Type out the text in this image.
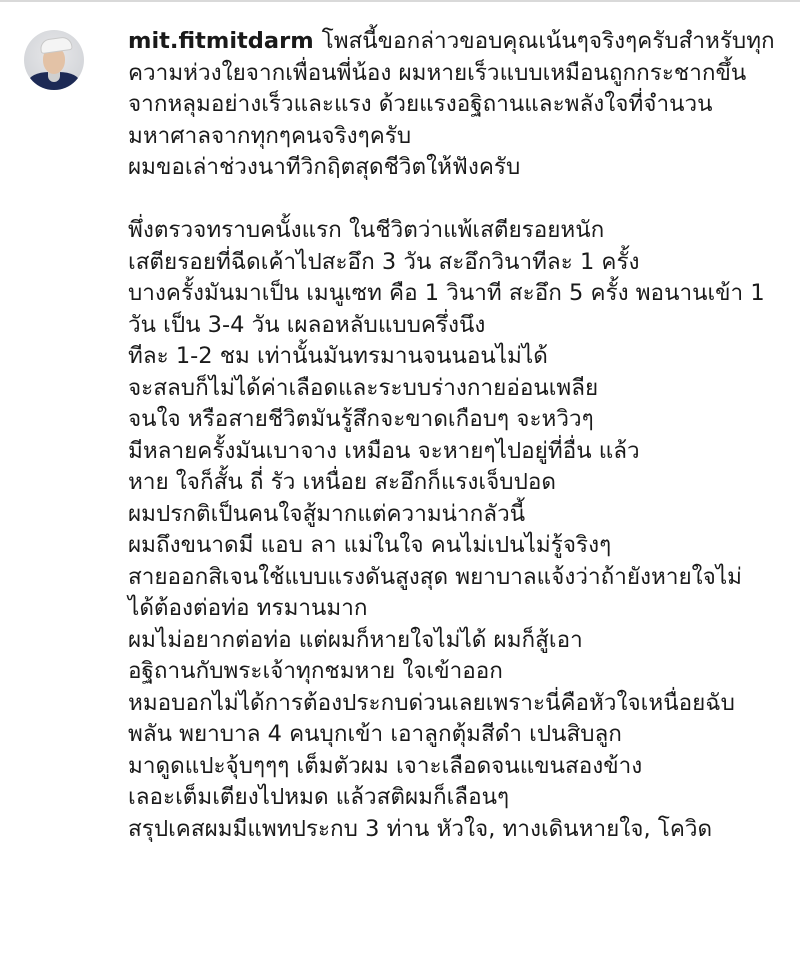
mit.fitmitdarm โพสนี้ขอกล่าวขอบคุณเน้นๆจริงๆครับสำหรับทุก
ความห่วงใยจากเพื่อนพี่น้อง ผมหายเร็วแบบเหมือนถูกกระชากขึ้น
จากหลุมอย่างเร็วและแรง ด้วยแรงอฐิถานและพลังใจที่จำนวน
มหาศาลจากทุกๆคนจริงๆครับ
ผมขอเล่าช่วงนาทีวิกฤิตสุดชีวิตให้ฟังครับ
พึ่งตรวจทราบคนั้งแรก ในชีวิตว่าแพ้เสตียรอยหนัก
เสตียรอยที่ฉีดเค้าไปสะอึก 3 วัน สะอึกวินาทีละ 1 ครั้ง
บางครั้งมันมาเป็น เมนูเซท คือ 1 วินาที สะอึก 5 ครั้ง พอนานเข้า 1
วัน เป็น 3-4 วัน เผลอหลับแบบครึ่งนึง
ทีละ 1-2 ชม เท่านั้นมันทรมานจนนอนไม่ได้
จะสลบก็ไม่ได้ค่าเลือดและระบบร่างกายอ่อนเพลีย
จนใจ หรือสายชีวิตมันรู้สึกจะขาดเกือบๆ จะหวิวๆ
มีหลายครั้งมันเบาจาง เหมือน จะหายๆไปอยู่ที่อื่น แล้ว
หาย ใจก็สั้น ถี่ รัว เหนื่อย สะอึกก็แรงเจ็บปอด
ผมปรกติเป็นคนใจสู้มากแต่ความน่ากลัวนี้
ผมถึงขนาดมี แอบ ลา แม่ในใจ คนไม่เปนไม่รู้จริงๆ
สายออกสิเจนใช้แบบแรงดันสูงสุด พยาบาลแจ้งว่าถ้ายังหายใจไม่
ได้ต้องต่อท่อ ทรมานมาก
ผมไม่อยากต่อท่อ แต่ผมก็หายใจไม่ได้ ผมก็สู้เอา
อฐิถานกับพระเจ้าทุกชมหาย ใจเข้าออก
หมอบอกไม่ได้การต้องประกบด่วนเลยเพราะนี่คือหัวใจเหนื่อยฉับ
พลัน พยาบาล 4 คนบุกเข้า เอาลูกตุ้มสีดำ เปนสิบลูก
มาดูดแปะจุ้บๆๆๆ เต็มตัวผม เจาะเลือดจนแขนสองข้าง
เลอะเต็มเตียงไปหมด แล้วสติผมก็เลือนๆ
สรุปเคสผมมีแพทประกบ 3 ท่าน หัวใจ, ทางเดินหายใจ, โควิด
